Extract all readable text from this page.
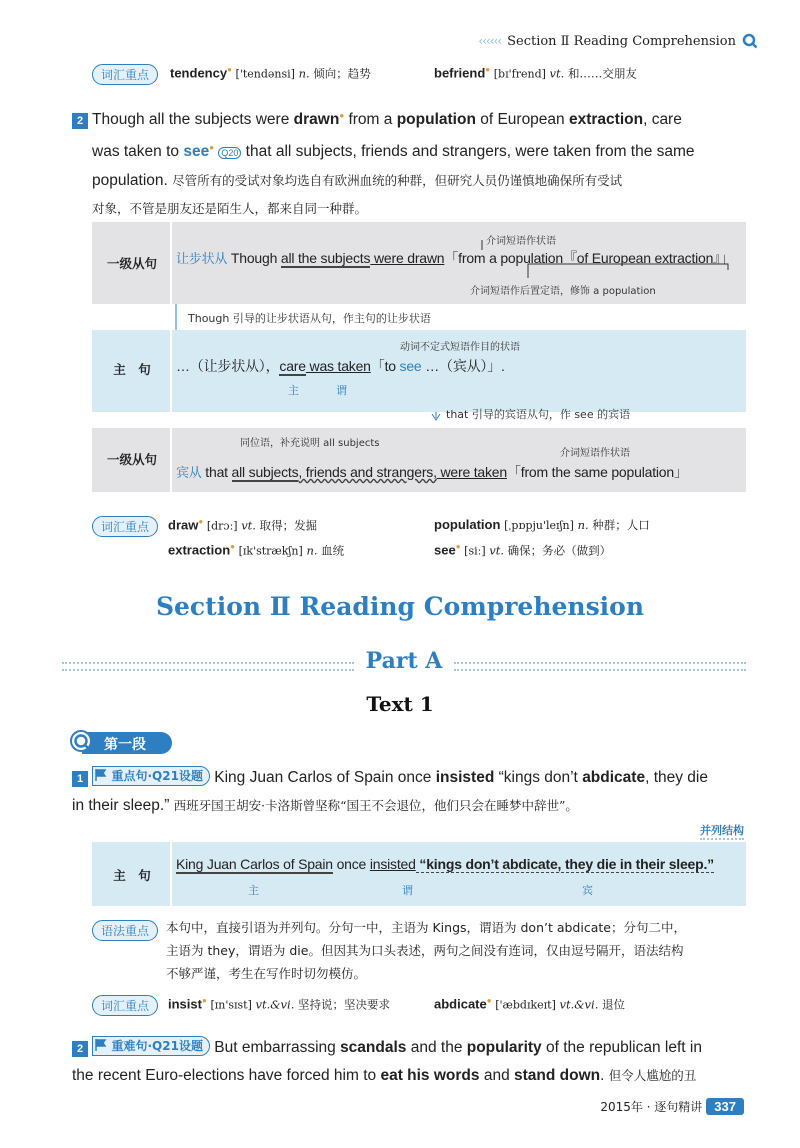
‹‹‹‹‹‹ Section Ⅱ Reading Comprehension
词汇重点	tendency● ['tendənsi] n. 倾向；趋势	befriend● [bɪ'frend] vt. 和……交朋友
2 Though all the subjects were drawn● from a population of European extraction, care
was taken to see● Q20 that all subjects, friends and strangers, were taken from the same
population. 尽管所有的受试对象均选自有欧洲血统的种群，但研究人员仍谨慎地确保所有受试
对象，不管是朋友还是陌生人，都来自同一种群。
一级从句
介词短语作状语
让步状从 Though all the subjects were drawn「from a population『of European extraction』」
介词短语作后置定语，修饰 a population
Though 引导的让步状语从句，作主句的让步状语
主　句
动词不定式短语作目的状语
…（让步状从），care was taken「to see …（宾从）」.
主	谓
that 引导的宾语从句，作 see 的宾语
一级从句
同位语，补充说明 all subjects
介词短语作状语
宾从 that all subjects, friends and strangers, were taken「from the same population」
词汇重点	draw● [drɔː] vt. 取得；发掘	population [ˌpɒpju'leɪʃn] n. 种群；人口
extraction● [ɪk'strækʃn] n. 血统	see● [siː] vt. 确保；务必（做到）
Section Ⅱ Reading Comprehension
Part A
Text 1
第一段
1 重点句·Q21设题 King Juan Carlos of Spain once insisted “kings don’t abdicate, they die
in their sleep.” 西班牙国王胡安·卡洛斯曾坚称“国王不会退位，他们只会在睡梦中辞世”。
并列结构
主　句
King Juan Carlos of Spain once insisted “kings don’t abdicate, they die in their sleep.”
主	谓	宾
语法重点	本句中，直接引语为并列句。分句一中，主语为 Kings，谓语为 don’t abdicate；分句二中，
主语为 they，谓语为 die。但因其为口头表述，两句之间没有连词，仅由逗号隔开，语法结构
不够严谨，考生在写作时切勿模仿。
词汇重点	insist● [ɪn'sɪst] vt.&vi. 坚持说；坚决要求	abdicate● ['æbdɪkeɪt] vt.&vi. 退位
2 重难句·Q21设题 But embarrassing scandals and the popularity of the republican left in
the recent Euro-elections have forced him to eat his words and stand down. 但令人尴尬的丑
2015年 · 逐句精讲 337
